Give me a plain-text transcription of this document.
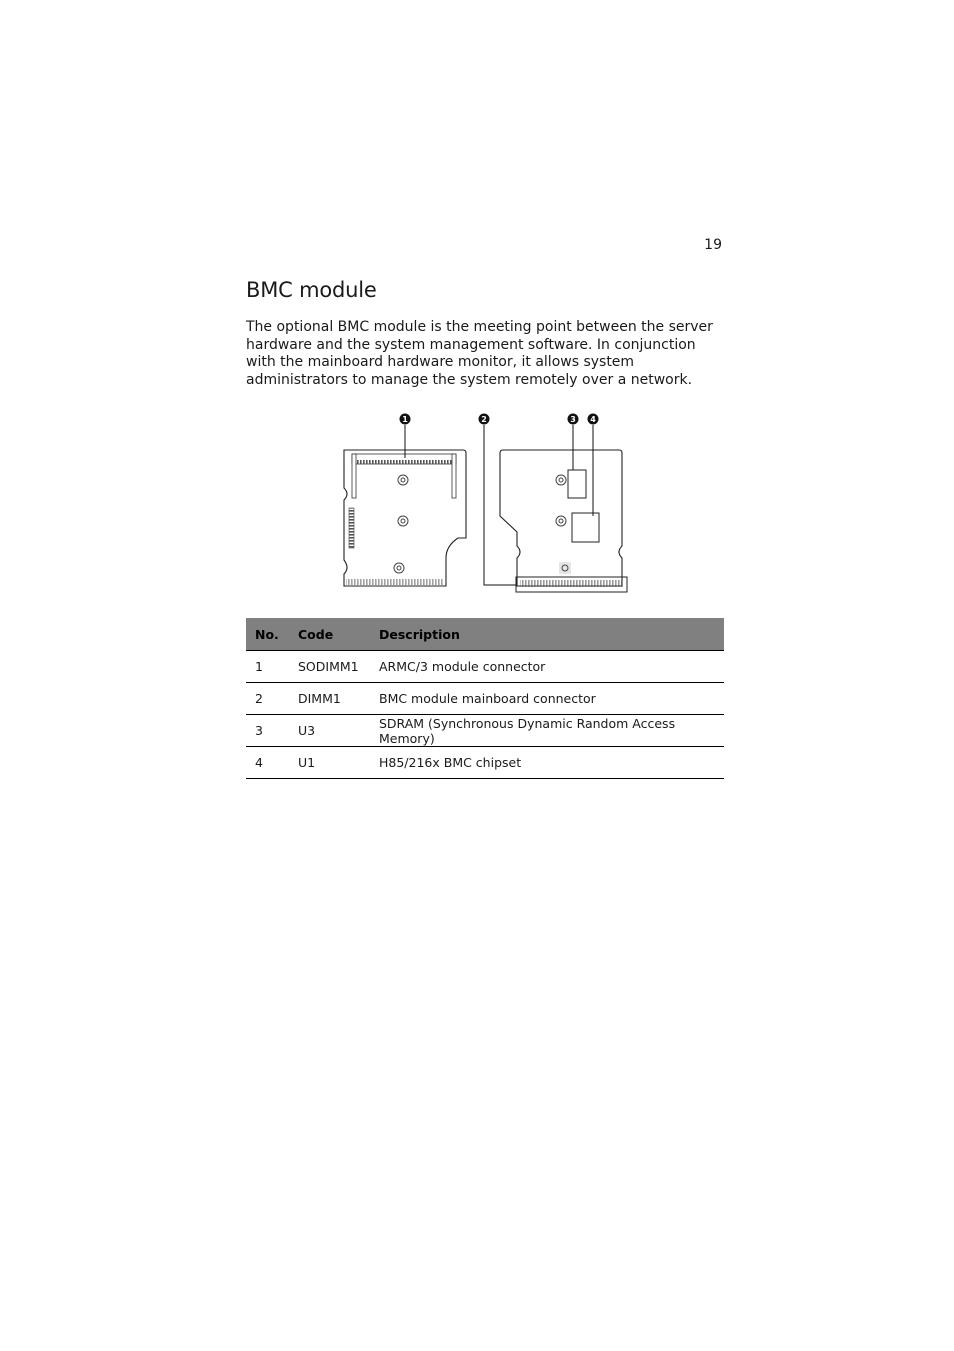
19
BMC module

The optional BMC module is the meeting point between the server hardware and the system management software. In conjunction with the mainboard hardware monitor, it allows system administrators to manage the system remotely over a network.

1	2	3 4
No.	Code	Description
1	SODIMM1	ARMC/3 module connector
2	DIMM1	BMC module mainboard connector
3	U3	SDRAM (Synchronous Dynamic Random Access Memory)
4	U1	H85/216x BMC chipset
